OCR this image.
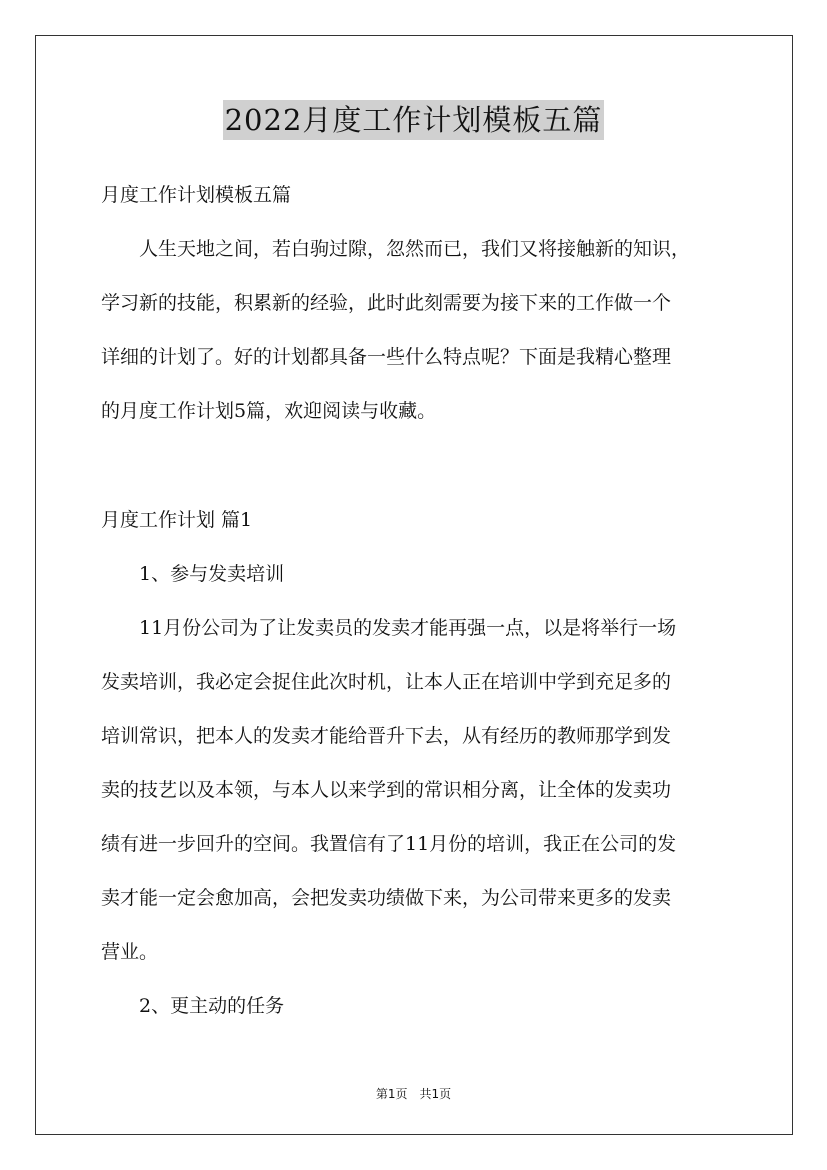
2022月度工作计划模板五篇
月度工作计划模板五篇
　　人生天地之间，若白驹过隙，忽然而已，我们又将接触新的知识，
学习新的技能，积累新的经验，此时此刻需要为接下来的工作做一个
详细的计划了。好的计划都具备一些什么特点呢？下面是我精心整理
的月度工作计划5篇，欢迎阅读与收藏。
月度工作计划 篇1
　　1、参与发卖培训
　　11月份公司为了让发卖员的发卖才能再强一点，以是将举行一场
发卖培训，我必定会捉住此次时机，让本人正在培训中学到充足多的
培训常识，把本人的发卖才能给晋升下去，从有经历的教师那学到发
卖的技艺以及本领，与本人以来学到的常识相分离，让全体的发卖功
绩有进一步回升的空间。我置信有了11月份的培训，我正在公司的发
卖才能一定会愈加高，会把发卖功绩做下来，为公司带来更多的发卖
营业。
　　2、更主动的任务
第1页　共1页
